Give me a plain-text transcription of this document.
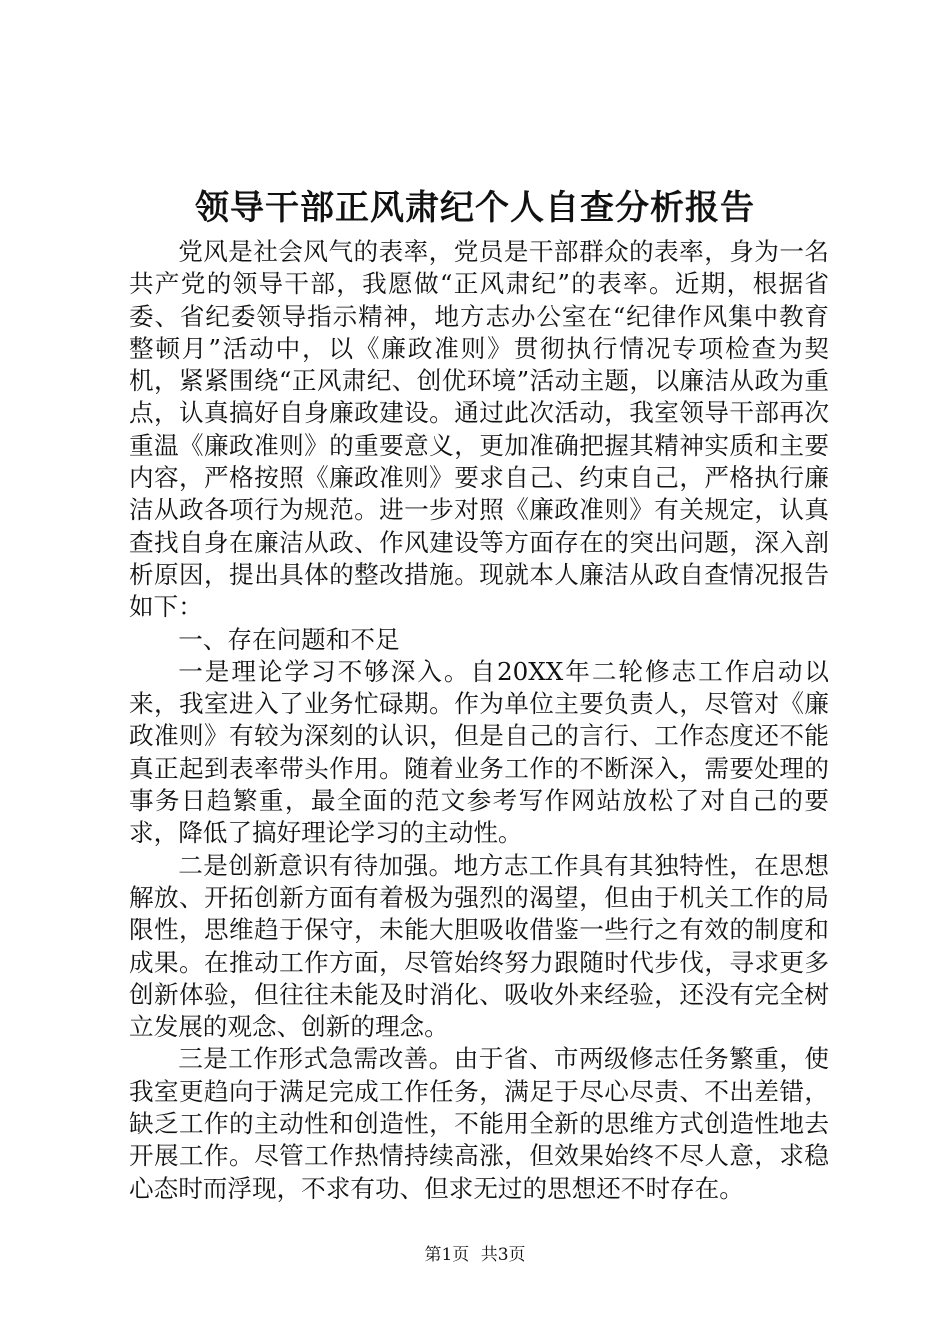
领导干部正风肃纪个人自查分析报告

党风是社会风气的表率，党员是干部群众的表率，身为一名共产党的领导干部，我愿做“正风肃纪”的表率。近期，根据省委、省纪委领导指示精神，地方志办公室在“纪律作风集中教育整顿月”活动中，以《廉政准则》贯彻执行情况专项检查为契机，紧紧围绕“正风肃纪、创优环境”活动主题，以廉洁从政为重点，认真搞好自身廉政建设。通过此次活动，我室领导干部再次重温《廉政准则》的重要意义，更加准确把握其精神实质和主要内容，严格按照《廉政准则》要求自己、约束自己，严格执行廉洁从政各项行为规范。进一步对照《廉政准则》有关规定，认真查找自身在廉洁从政、作风建设等方面存在的突出问题，深入剖析原因，提出具体的整改措施。现就本人廉洁从政自查情况报告如下：

一、存在问题和不足

一是理论学习不够深入。自20XX年二轮修志工作启动以来，我室进入了业务忙碌期。作为单位主要负责人，尽管对《廉政准则》有较为深刻的认识，但是自己的言行、工作态度还不能真正起到表率带头作用。随着业务工作的不断深入，需要处理的事务日趋繁重，最全面的范文参考写作网站放松了对自己的要求，降低了搞好理论学习的主动性。

二是创新意识有待加强。地方志工作具有其独特性，在思想解放、开拓创新方面有着极为强烈的渴望，但由于机关工作的局限性，思维趋于保守，未能大胆吸收借鉴一些行之有效的制度和成果。在推动工作方面，尽管始终努力跟随时代步伐，寻求更多创新体验，但往往未能及时消化、吸收外来经验，还没有完全树立发展的观念、创新的理念。

三是工作形式急需改善。由于省、市两级修志任务繁重，使我室更趋向于满足完成工作任务，满足于尽心尽责、不出差错，缺乏工作的主动性和创造性，不能用全新的思维方式创造性地去开展工作。尽管工作热情持续高涨，但效果始终不尽人意，求稳心态时而浮现，不求有功、但求无过的思想还不时存在。

第1页 共3页
